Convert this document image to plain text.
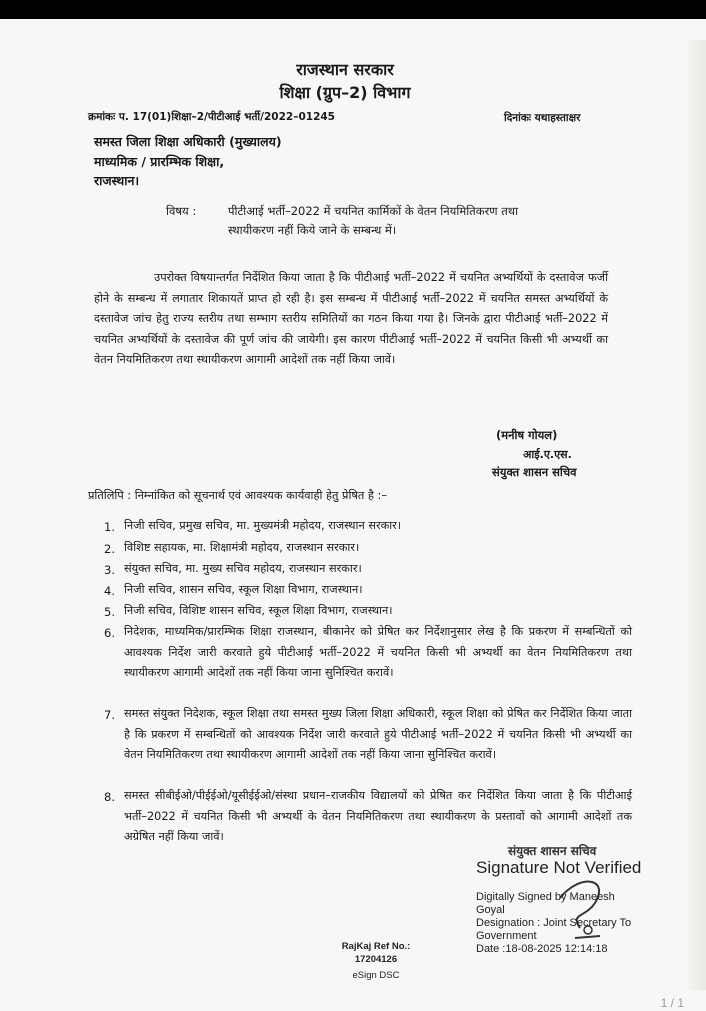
राजस्थान सरकार
शिक्षा (ग्रुप–2) विभाग
क्रमांकः प. 17(01)शिक्षा–2/पीटीआई भर्ती/2022–01245	दिनांकः यथाहस्ताक्षर
समस्त जिला शिक्षा अधिकारी (मुख्यालय)
माध्यमिक / प्रारम्भिक शिक्षा,
राजस्थान।
विषय :	पीटीआई भर्ती–2022 में चयनित कार्मिकों के वेतन नियमितिकरण तथा
स्थायीकरण नहीं किये जाने के सम्बन्ध में।
उपरोक्त विषयान्तर्गत निर्देशित किया जाता है कि पीटीआई भर्ती–2022 में चयनित अभ्यर्थियों के दस्तावेज फर्जी होने के सम्बन्ध में लगातार शिकायतें प्राप्त हो रही है। इस सम्बन्ध में पीटीआई भर्ती–2022 में चयनित समस्त अभ्यर्थियों के दस्तावेज जांच हेतु राज्य स्तरीय तथा सम्भाग स्तरीय समितियों का गठन किया गया है। जिनके द्वारा पीटीआई भर्ती–2022 में चयनित अभ्यर्थियों के दस्तावेज की पूर्ण जांच की जायेगी। इस कारण पीटीआई भर्ती–2022 में चयनित किसी भी अभ्यर्थी का वेतन नियमितिकरण तथा स्थायीकरण आगामी आदेशों तक नहीं किया जावें।
(मनीष गोयल)
आई.ए.एस.
संयुक्त शासन सचिव
प्रतिलिपि : निम्नांकित को सूचनार्थ एवं आवश्यक कार्यवाही हेतु प्रेषित है :–
1. निजी सचिव, प्रमुख सचिव, मा. मुख्यमंत्री महोदय, राजस्थान सरकार।
2. विशिष्ट सहायक, मा. शिक्षामंत्री महोदय, राजस्थान सरकार।
3. संयुक्त सचिव, मा. मुख्य सचिव महोदय, राजस्थान सरकार।
4. निजी सचिव, शासन सचिव, स्कूल शिक्षा विभाग, राजस्थान।
5. निजी सचिव, विशिष्ट शासन सचिव, स्कूल शिक्षा विभाग, राजस्थान।
6. निदेशक, माध्यमिक/प्रारम्भिक शिक्षा राजस्थान, बीकानेर को प्रेषित कर निर्देशानुसार लेख है कि प्रकरण में सम्बन्धितों को आवश्यक निर्देश जारी करवाते हुये पीटीआई भर्ती–2022 में चयनित किसी भी अभ्यर्थी का वेतन नियमितिकरण तथा स्थायीकरण आगामी आदेशों तक नहीं किया जाना सुनिश्चित करावें।
7. समस्त संयुक्त निदेशक, स्कूल शिक्षा तथा समस्त मुख्य जिला शिक्षा अधिकारी, स्कूल शिक्षा को प्रेषित कर निर्देशित किया जाता है कि प्रकरण में सम्बन्धितों को आवश्यक निर्देश जारी करवाते हुये पीटीआई भर्ती–2022 में चयनित किसी भी अभ्यर्थी का वेतन नियमितिकरण तथा स्थायीकरण आगामी आदेशों तक नहीं किया जाना सुनिश्चित करावें।
8. समस्त सीबीईओ/पीईईओ/यूसीईईओ/संस्था प्रधान–राजकीय विद्यालयों को प्रेषित कर निर्देशित किया जाता है कि पीटीआई भर्ती–2022 में चयनित किसी भी अभ्यर्थी के वेतन नियमितिकरण तथा स्थायीकरण के प्रस्तावों को आगामी आदेशों तक अग्रेषित नहीं किया जावें।
संयुक्त शासन सचिव
Signature Not Verified
Digitally Signed by Maneesh Goyal
Designation : Joint Secretary To Government
Date :18-08-2025 12:14:18
RajKaj Ref No.:
17204126
eSign DSC
1 / 1
